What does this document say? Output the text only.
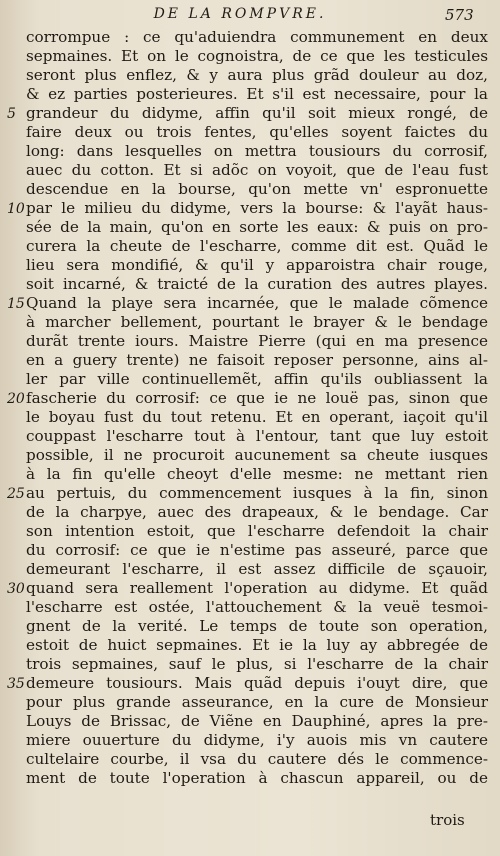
DE LA ROMPVRE.	573
corrompue : ce qu'aduiendra communement en deux
sepmaines. Et on le cognoistra, de ce que les testicules
seront plus enflez, & y aura plus grãd douleur au doz,
& ez parties posterieures. Et s'il est necessaire, pour la
5 grandeur du didyme, affin qu'il soit mieux rongé, de
faire deux ou trois fentes, qu'elles soyent faictes du
long: dans lesquelles on mettra tousiours du corrosif,
auec du cotton. Et si adõc on voyoit, que de l'eau fust
descendue en la bourse, qu'on mette vn' espronuette
10 par le milieu du didyme, vers la bourse: & l'ayãt haus-
sée de la main, qu'on en sorte les eaux: & puis on pro-
curera la cheute de l'escharre, comme dit est. Quãd le
lieu sera mondifié, & qu'il y apparoistra chair rouge,
soit incarné, & traicté de la curation des autres playes.
15 Quand la playe sera incarnée, que le malade cõmence
à marcher bellement, pourtant le brayer & le bendage
durãt trente iours. Maistre Pierre (qui en ma presence
en a guery trente) ne faisoit reposer personne, ains al-
ler par ville continuellemẽt, affin qu'ils oubliassent la
20 fascherie du corrosif: ce que ie ne louë pas, sinon que
le boyau fust du tout retenu. Et en operant, iaçoit qu'il
couppast l'escharre tout à l'entour, tant que luy estoit
possible, il ne procuroit aucunement sa cheute iusques
à la fin qu'elle cheoyt d'elle mesme: ne mettant rien
25 au pertuis, du commencement iusques à la fin, sinon
de la charpye, auec des drapeaux, & le bendage. Car
son intention estoit, que l'escharre defendoit la chair
du corrosif: ce que ie n'estime pas asseuré, parce que
demeurant l'escharre, il est assez difficile de sçauoir,
30 quand sera reallement l'operation au didyme. Et quãd
l'escharre est ostée, l'attouchement & la veuë tesmoi-
gnent de la verité. Le temps de toute son operation,
estoit de huict sepmaines. Et ie la luy ay abbregée de
trois sepmaines, sauf le plus, si l'escharre de la chair
35 demeure tousiours. Mais quãd depuis i'ouyt dire, que
pour plus grande asseurance, en la cure de Monsieur
Louys de Brissac, de Viẽne en Dauphiné, apres la pre-
miere ouuerture du didyme, i'y auois mis vn cautere
cultelaire courbe, il vsa du cautere dés le commence-
ment de toute l'operation à chascun appareil, ou de
trois
